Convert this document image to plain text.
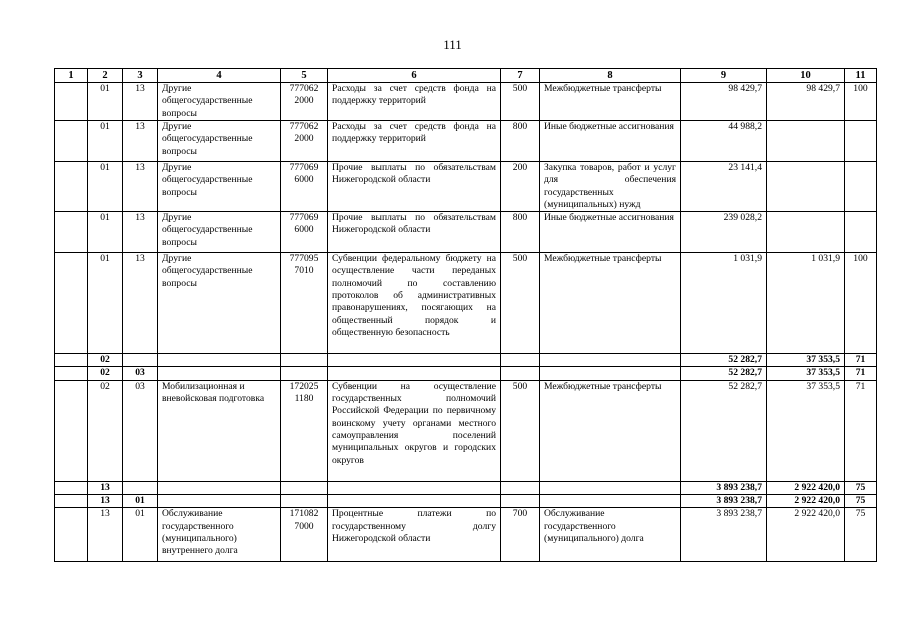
111
1	2	3	4	5	6	7	8	9	10	11
	01	13	Другие общегосударственные вопросы	777062 2000	Расходы за счет средств фонда на поддержку территорий	500	Межбюджетные трансферты	98 429,7	98 429,7	100
	01	13	Другие общегосударственные вопросы	777062 2000	Расходы за счет средств фонда на поддержку территорий	800	Иные бюджетные ассигнования	44 988,2		
	01	13	Другие общегосударственные вопросы	777069 6000	Прочие выплаты по обязательствам Нижегородской области	200	Закупка товаров, работ и услуг для обеспечения государственных (муниципальных) нужд	23 141,4		
	01	13	Другие общегосударственные вопросы	777069 6000	Прочие выплаты по обязательствам Нижегородской области	800	Иные бюджетные ассигнования	239 028,2		
	01	13	Другие общегосударственные вопросы	777095 7010	Субвенции федеральному бюджету на осуществление части переданых полномочий по составлению протоколов об административных правонарушениях, посягающих на общественный порядок и общественную безопасность	500	Межбюджетные трансферты	1 031,9	1 031,9	100
	02							52 282,7	37 353,5	71
	02	03						52 282,7	37 353,5	71
	02	03	Мобилизационная и вневойсковая подготовка	172025 1180	Субвенции на осуществление государственных полномочий Российской Федерации по первичному воинскому учету органами местного самоуправления поселений муниципальных округов и городских округов	500	Межбюджетные трансферты	52 282,7	37 353,5	71
	13							3 893 238,7	2 922 420,0	75
	13	01						3 893 238,7	2 922 420,0	75
	13	01	Обслуживание государственного (муниципального) внутреннего долга	171082 7000	Процентные платежи по государственному долгу Нижегородской области	700	Обслуживание государственного (муниципального) долга	3 893 238,7	2 922 420,0	75
